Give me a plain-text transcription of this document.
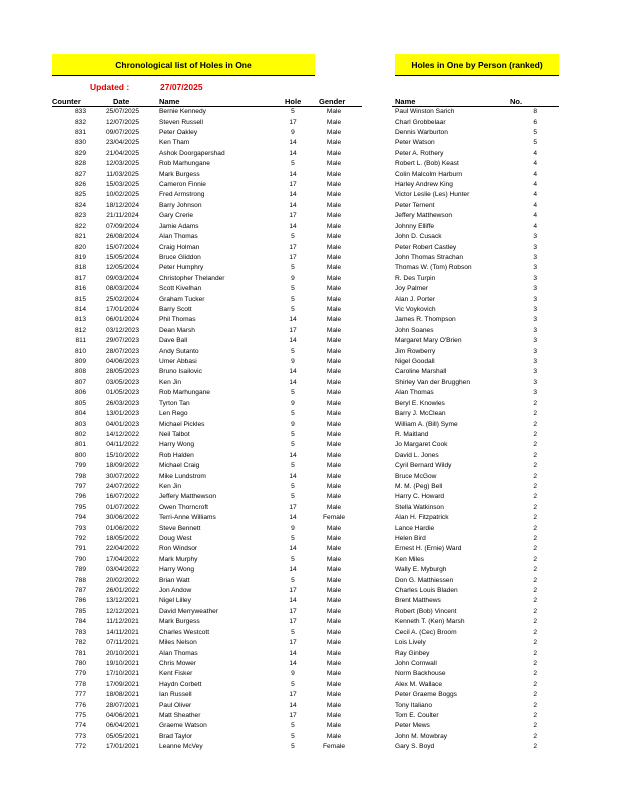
Chronological list of Holes in One	Holes in One by Person (ranked)
Updated :	27/07/2025
Counter	Date	Name	Hole Gender	Name	No.
833	25/07/2025	Bernie Kennedy	5	Male
832	12/07/2025	Steven Russell	17	Male
831	09/07/2025	Peter Oakley	9	Male
830	23/04/2025	Ken Tham	14	Male
829	21/04/2025	Ashok Doorgapershad	14	Male
828	12/03/2025	Rob Marhungane	5	Male
827	11/03/2025	Mark Burgess	14	Male
826	15/03/2025	Cameron Finnie	17	Male
825	10/02/2025	Fred Armstrong	14	Male
824	18/12/2024	Barry Johnson	14	Male
823	21/11/2024	Gary Crerie	17	Male
822	07/09/2024	Jamie Adams	14	Male
821	26/08/2024	Alan Thomas	5	Male
820	15/07/2024	Craig Holman	17	Male
819	15/05/2024	Bruce Gliddon	17	Male
818	12/05/2024	Peter Humphry	5	Male
817	09/03/2024	Christopher Thelander	9	Male
816	08/03/2024	Scott Kivelhan	5	Male
815	25/02/2024	Graham Tucker	5	Male
814	17/01/2024	Barry Scott	5	Male
813	06/01/2024	Phil Thomas	14	Male
812	03/12/2023	Dean Marsh	17	Male
811	29/07/2023	Dave Ball	14	Male
810	28/07/2023	Andy Sutanto	5	Male
809	04/06/2023	Umer Abbasi	9	Male
808	28/05/2023	Bruno Isailovic	14	Male
807	03/05/2023	Ken Jin	14	Male
806	01/05/2023	Rob Marhungane	5	Male
805	26/03/2023	Tyrton Tan	9	Male
804	13/01/2023	Len Rego	5	Male
803	04/01/2023	Michael Pickles	9	Male
802	14/12/2022	Neil Talbot	5	Male
801	04/11/2022	Harry Wong	5	Male
800	15/10/2022	Rob Halden	14	Male
799	18/09/2022	Michael Craig	5	Male
798	30/07/2022	Mike Lundstrom	14	Male
797	24/07/2022	Ken Jin	5	Male
796	16/07/2022	Jeffery Matthewson	5	Male
795	01/07/2022	Owen Thorncroft	17	Male
794	30/06/2022	Terri-Anne Williams	14	Female
793	01/06/2022	Steve Bennett	9	Male
792	18/05/2022	Doug West	5	Male
791	22/04/2022	Ron Windsor	14	Male
790	17/04/2022	Mark Murphy	5	Male
789	03/04/2022	Harry Wong	14	Male
788	20/02/2022	Brian Watt	5	Male
787	26/01/2022	Jon Andow	17	Male
786	13/12/2021	Nigel Lilley	14	Male
785	12/12/2021	David Merryweather	17	Male
784	11/12/2021	Mark Burgess	17	Male
783	14/11/2021	Charles Westcott	5	Male
782	07/11/2021	Miles Nelson	17	Male
781	20/10/2021	Alan Thomas	14	Male
780	19/10/2021	Chris Mower	14	Male
779	17/10/2021	Kent Fisker	9	Male
778	17/09/2021	Haydn Corbett	5	Male
777	18/08/2021	Ian Russell	17	Male
776	28/07/2021	Paul Oliver	14	Male
775	04/06/2021	Matt Sheather	17	Male
774	06/04/2021	Graeme Watson	5	Male
773	05/05/2021	Brad Taylor	5	Male
772	17/01/2021	Leanne McVey	5	Female
Paul Winston Sarich	8
Charl Grobbelaar	6
Dennis Warburton	5
Peter Watson	5
Peter A. Rothery	4
Robert L. (Bob) Keast	4
Colin Malcolm Harburn	4
Harley Andrew King	4
Victor Leslie (Les) Hunter	4
Peter Ternent	4
Jeffery Matthewson	4
Johnny Elliffe	4
John D. Cusack	3
Peter Robert Castley	3
John Thomas Strachan	3
Thomas W. (Tom) Robson	3
R. Des Turpin	3
Joy Palmer	3
Alan J. Porter	3
Vic Voykovich	3
James R. Thompson	3
John Soanes	3
Margaret Mary O'Brien	3
Jim Rowberry	3
Nigel Goodall	3
Caroline Marshall	3
Shirley Van der Brugghen	3
Alan Thomas	3
Beryl E. Knowles	2
Barry J. McClean	2
William A. (Bill) Syme	2
R. Maitland	2
Jo Margaret Cook	2
David L. Jones	2
Cyril Bernard Wildy	2
Bruce McGow	2
M. M. (Peg) Bell	2
Harry C. Howard	2
Stella Watkinson	2
Alan H. Fitzpatrick	2
Lance Hardie	2
Helen Bird	2
Ernest H. (Ernie) Ward	2
Ken Miles	2
Wally E. Myburgh	2
Don G. Matthiessen	2
Charles Louis Bladen	2
Brent Matthews	2
Robert (Bob) Vincent	2
Kenneth T. (Ken) Marsh	2
Cecil A. (Cec) Broom	2
Lois Lively	2
Ray Ginbey	2
John Cornwall	2
Norm Backhouse	2
Alex M. Wallace	2
Peter Graeme Boggs	2
Tony Italiano	2
Tom E. Coulter	2
Peter Mews	2
John M. Mowbray	2
Gary S. Boyd	2
